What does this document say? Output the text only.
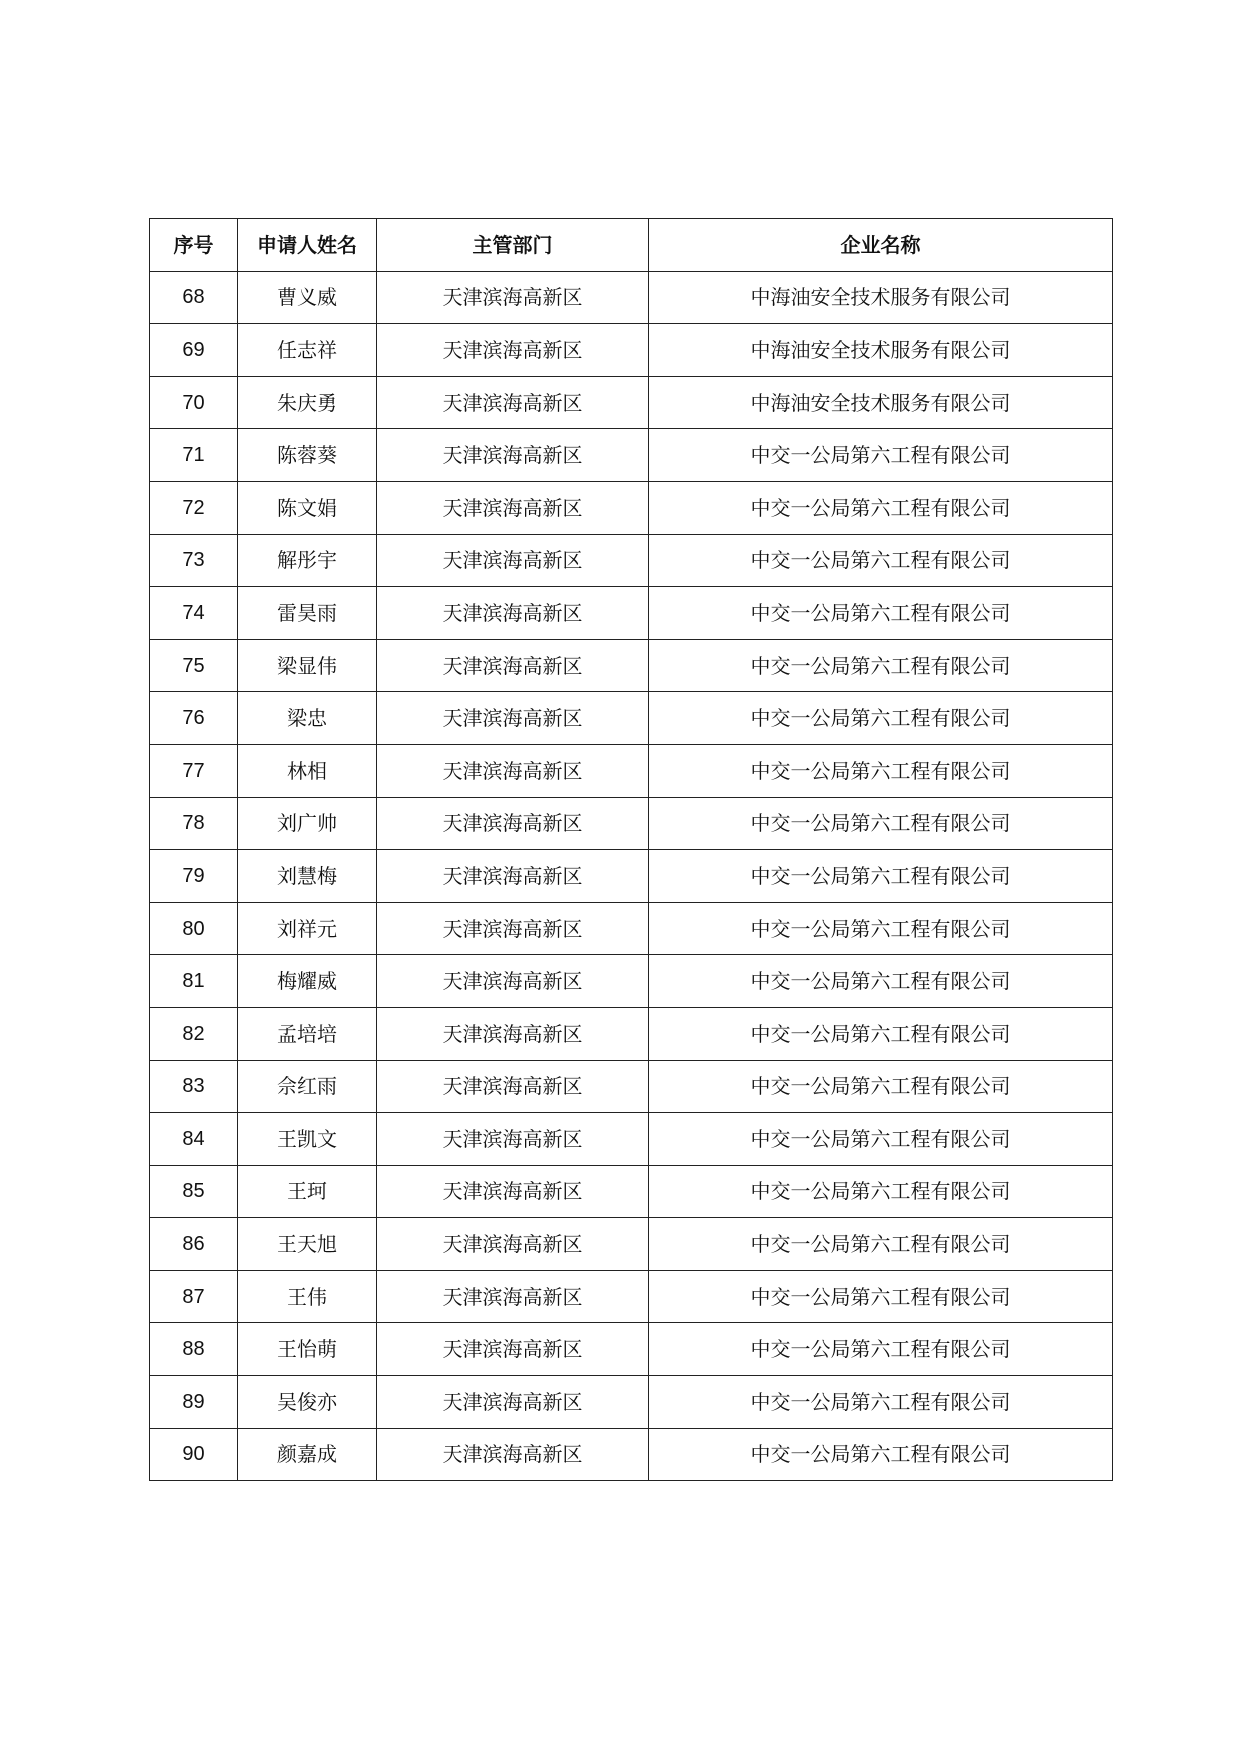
序号	申请人姓名	主管部门	企业名称
68	曹义威	天津滨海高新区	中海油安全技术服务有限公司
69	任志祥	天津滨海高新区	中海油安全技术服务有限公司
70	朱庆勇	天津滨海高新区	中海油安全技术服务有限公司
71	陈蓉葵	天津滨海高新区	中交一公局第六工程有限公司
72	陈文娟	天津滨海高新区	中交一公局第六工程有限公司
73	解彤宇	天津滨海高新区	中交一公局第六工程有限公司
74	雷昊雨	天津滨海高新区	中交一公局第六工程有限公司
75	梁显伟	天津滨海高新区	中交一公局第六工程有限公司
76	梁忠	天津滨海高新区	中交一公局第六工程有限公司
77	林相	天津滨海高新区	中交一公局第六工程有限公司
78	刘广帅	天津滨海高新区	中交一公局第六工程有限公司
79	刘慧梅	天津滨海高新区	中交一公局第六工程有限公司
80	刘祥元	天津滨海高新区	中交一公局第六工程有限公司
81	梅耀威	天津滨海高新区	中交一公局第六工程有限公司
82	孟培培	天津滨海高新区	中交一公局第六工程有限公司
83	佘红雨	天津滨海高新区	中交一公局第六工程有限公司
84	王凯文	天津滨海高新区	中交一公局第六工程有限公司
85	王珂	天津滨海高新区	中交一公局第六工程有限公司
86	王天旭	天津滨海高新区	中交一公局第六工程有限公司
87	王伟	天津滨海高新区	中交一公局第六工程有限公司
88	王怡萌	天津滨海高新区	中交一公局第六工程有限公司
89	吴俊亦	天津滨海高新区	中交一公局第六工程有限公司
90	颜嘉成	天津滨海高新区	中交一公局第六工程有限公司
